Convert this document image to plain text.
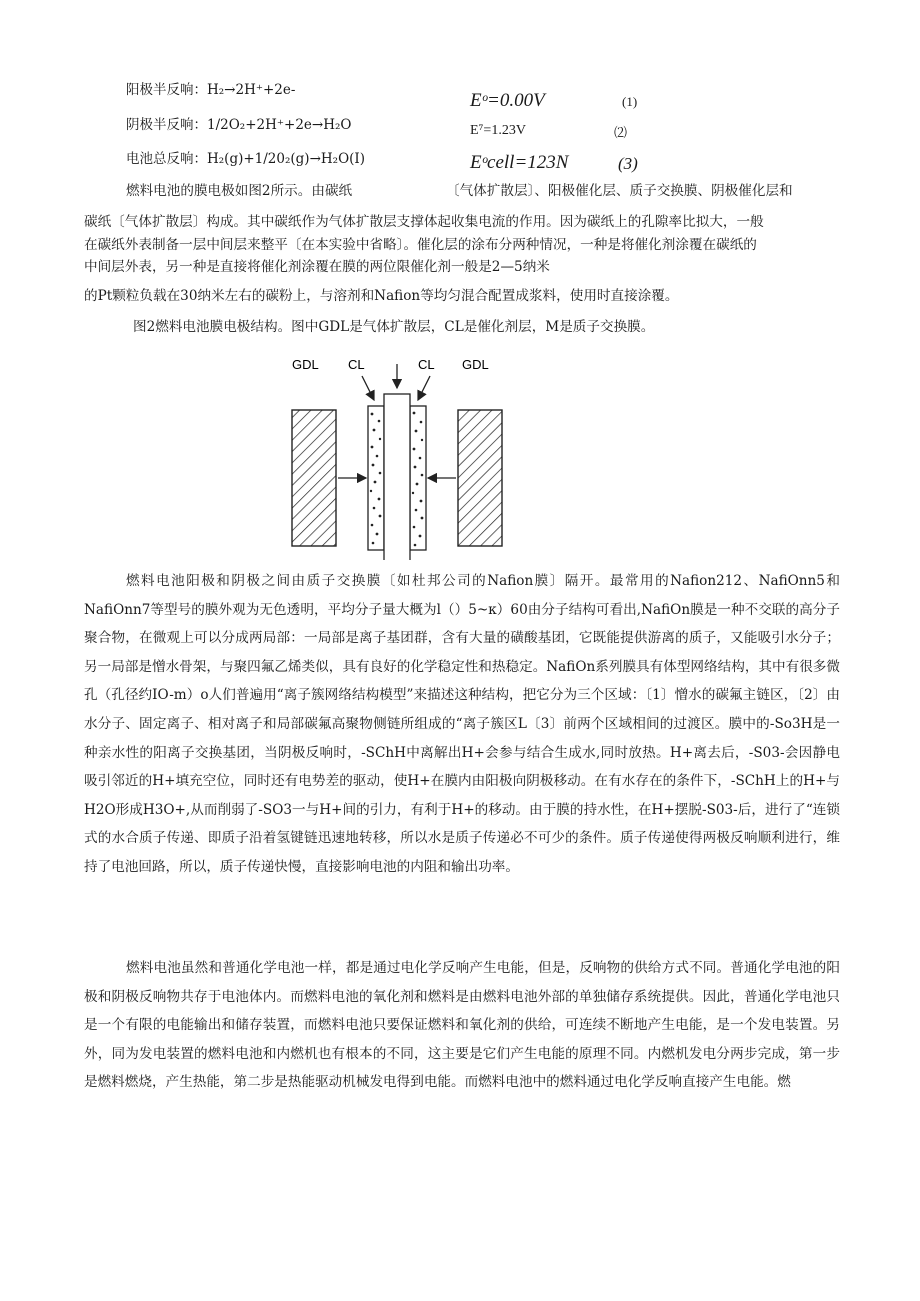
阳极半反响：H₂→2H⁺+2e-	Eᵒ=0.00V	(1)
阴极半反响：1/2O₂+2H⁺+2e→H₂O	E⁷=1.23V	⑵
电池总反响：H₂(g)+1/20₂(g)→H₂O(I)	Eᵒcell=123N	(3)
燃料电池的膜电极如图2所示。由碳纸	〔气体扩散层〕、阳极催化层、质子交换膜、阴极催化层和
碳纸〔气体扩散层〕构成。其中碳纸作为气体扩散层支撑体起收集电流的作用。因为碳纸上的孔隙率比拟大，一般
在碳纸外表制备一层中间层来整平〔在本实验中省略〕。催化层的涂布分两种情况，一种是将催化剂涂覆在碳纸的
中间层外表，另一种是直接将催化剂涂覆在膜的两位限催化剂一般是2—5纳米
的Pt颗粒负载在30纳米左右的碳粉上，与溶剂和Nafion等均匀混合配置成浆料，使用时直接涂覆。
图2燃料电池膜电极结构。图中GDL是气体扩散层，CL是催化剂层，M是质子交换膜。
GDL CL	CL GDL

燃料电池阳极和阴极之间由质子交换膜〔如杜邦公司的Nafion膜〕隔开。最常用的Nafion212、NafiOnn5和NafiOnn7等型号的膜外观为无色透明，平均分子量大概为l（）5~κ）60由分子结构可看出,NafiOn膜是一种不交联的高分子聚合物，在微观上可以分成两局部：一局部是离子基团群，含有大量的磺酸基团，它既能提供游离的质子，又能吸引水分子；另一局部是憎水骨架，与聚四氟乙烯类似，具有良好的化学稳定性和热稳定。NafiOn系列膜具有体型网络结构，其中有很多微孔（孔径约IO-m）o人们普遍用“离子簇网络结构模型”来描述这种结构，把它分为三个区域：〔1〕憎水的碳氟主链区，〔2〕由水分子、固定离子、相对离子和局部碳氟高聚物侧链所组成的“离子簇区L〔3〕前两个区域相间的过渡区。膜中的-So3H是一种亲水性的阳离子交换基团，当阴极反响时，-SChH中离解出H+会参与结合生成水,同时放热。H+离去后，-S03-会因静电吸引邻近的H+填充空位，同时还有电势差的驱动，使H+在膜内由阳极向阴极移动。在有水存在的条件下，-SChH上的H+与H2O形成H3O+,从而削弱了-SO3一与H+间的引力，有利于H+的移动。由于膜的持水性，在H+摆脱-S03-后，进行了“连锁式的水合质子传递、即质子沿着氢键链迅速地转移，所以水是质子传递必不可少的条件。质子传递使得两极反响顺利进行，维持了电池回路，所以，质子传递快慢，直接影响电池的内阻和输出功率。

燃料电池虽然和普通化学电池一样，都是通过电化学反响产生电能，但是，反响物的供给方式不同。普通化学电池的阳极和阴极反响物共存于电池体内。而燃料电池的氧化剂和燃料是由燃料电池外部的单独储存系统提供。因此，普通化学电池只是一个有限的电能输出和储存装置，而燃料电池只要保证燃料和氧化剂的供给，可连续不断地产生电能，是一个发电装置。另外，同为发电装置的燃料电池和内燃机也有根本的不同，这主要是它们产生电能的原理不同。内燃机发电分两步完成，第一步是燃料燃烧，产生热能，第二步是热能驱动机械发电得到电能。而燃料电池中的燃料通过电化学反响直接产生电能。燃
